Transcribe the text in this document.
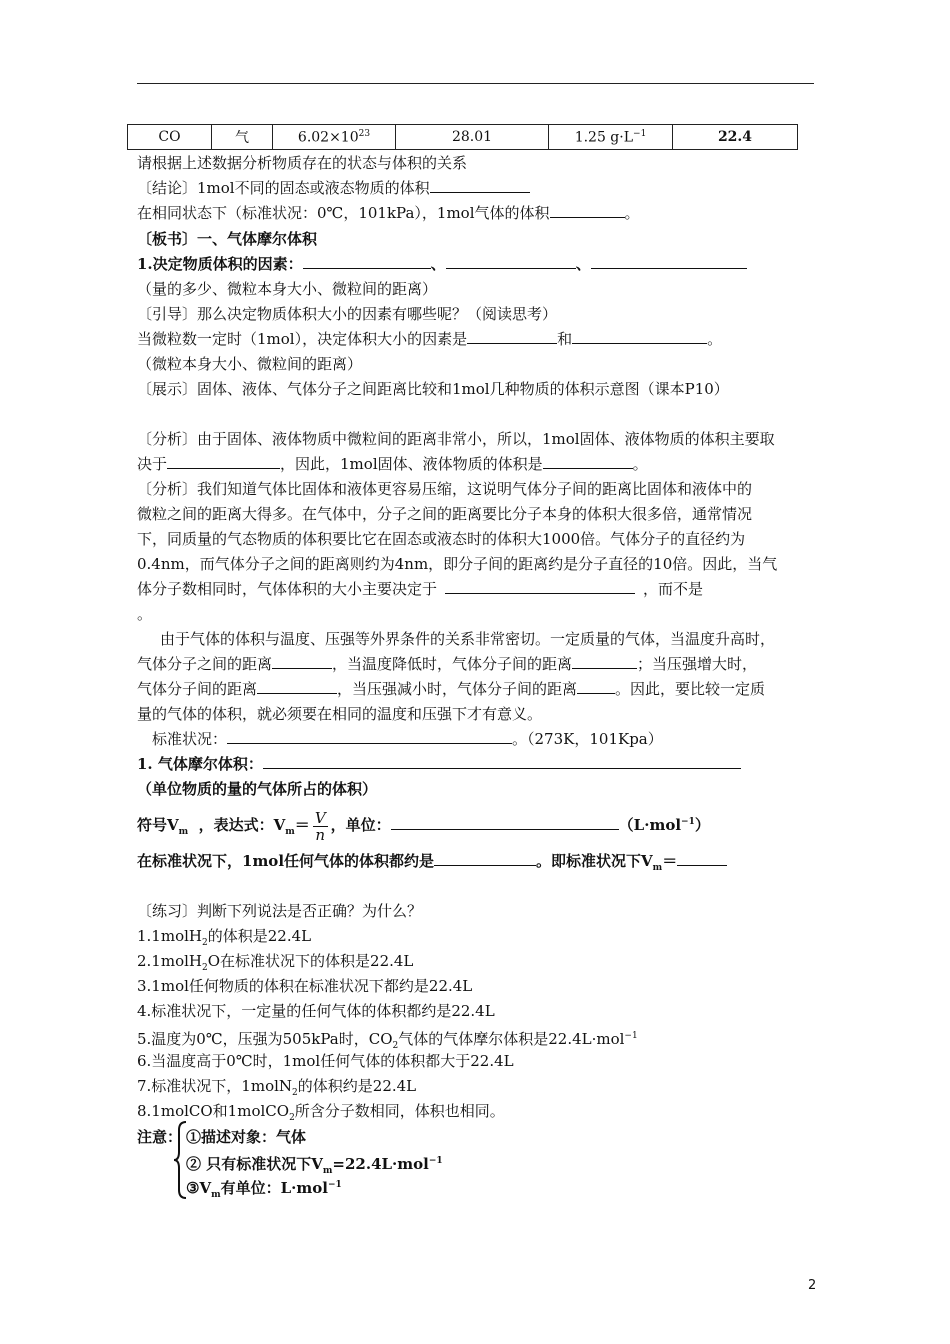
CO	气	$6.02\times 10^{23}$	28.01	1.25 $g\cdot L^{-1}$	22.4
请根据上述数据分析物质存在的状态与体积的关系
〔结论〕1mol不同的固态或液态物质的体积
在相同状态下（标准状况：0℃，101kPa），1mol气体的体积	。
〔板书〕一、气体摩尔体积
1.决定物质体积的因素：	、	、
（量的多少、微粒本身大小、微粒间的距离）
〔引导〕那么决定物质体积大小的因素有哪些呢？（阅读思考）
当微粒数一定时（1mol），决定体积大小的因素是	和	。
（微粒本身大小、微粒间的距离）
〔展示〕固体、液体、气体分子之间距离比较和1mol几种物质的体积示意图（课本P10）
〔分析〕由于固体、液体物质中微粒间的距离非常小，所以，1mol固体、液体物质的体积主要取
决于	，因此，1mol固体、液体物质的体积是	。
〔分析〕我们知道气体比固体和液体更容易压缩，这说明气体分子间的距离比固体和液体中的
微粒之间的距离大得多。在气体中，分子之间的距离要比分子本身的体积大很多倍，通常情况
下，同质量的气态物质的体积要比它在固态或液态时的体积大1000倍。气体分子的直径约为
0.4nm，而气体分子之间的距离则约为4nm，即分子间的距离约是分子直径的10倍。因此，当气
体分子数相同时，气体体积的大小主要决定于	，而不是
。
由于气体的体积与温度、压强等外界条件的关系非常密切。一定质量的气体，当温度升高时，
气体分子之间的距离	，当温度降低时，气体分子间的距离	；当压强增大时，
气体分子间的距离	，当压强减小时，气体分子间的距离	。因此，要比较一定质
量的气体的体积，就必须要在相同的温度和压强下才有意义。
标准状况：	。（273K，101Kpa）
1. 气体摩尔体积：
（单位物质的量的气体所占的体积）
符号$V_m$ ，表达式：$V_m= \frac{V}{n}$ ，单位：	（L·mol$^{-1}$）
在标准状况下，1mol任何气体的体积都约是	。即标准状况下$V_m=$
〔练习〕判断下列说法是否正确？为什么？
1.1molH$_2$的体积是22.4L
2.1molH$_2$O在标准状况下的体积是22.4L
3.1mol任何物质的体积在标准状况下都约是22.4L
4.标准状况下，一定量的任何气体的体积都约是22.4L
5.温度为0℃，压强为505kPa时，$CO_2$气体的气体摩尔体积是22.4L·mol$^{-1}$
6.当温度高于0℃时，1mol任何气体的体积都大于22.4L
7.标准状况下，1molN$_2$的体积约是22.4L
8.1molCO和1molCO$_2$所含分子数相同，体积也相同。
注意： ①描述对象：气体
② 只有标准状况下$V_m=22.4L\cdot mol^{-1}$
$③V_m$有单位：L·mol$^{-1}$
2
